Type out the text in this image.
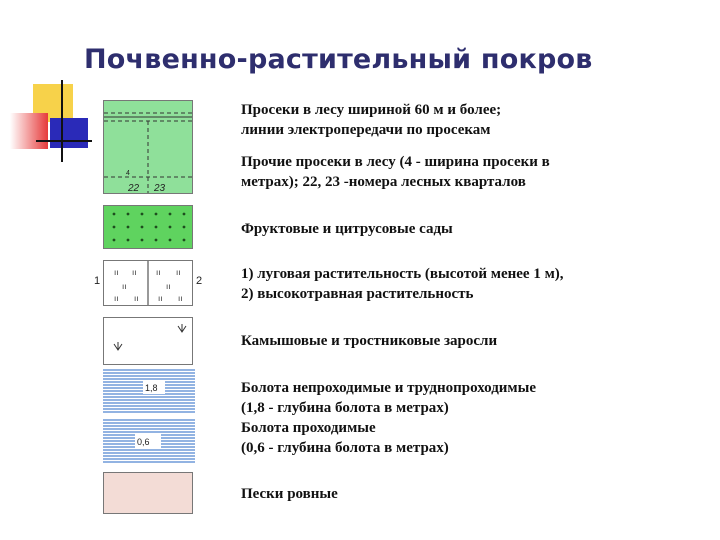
Почвенно-растительный покров
4
22 23
1	2
ıı ıı
ıı
ıı ıı
ıı ıı
ıı
ıı ıı
1,8
0,6
Просеки в лесу шириной 60 м и более;
линии электропередачи по просекам
Прочие просеки в лесу (4 - ширина просеки в
метрах); 22, 23 -номера лесных кварталов
Фруктовые и цитрусовые сады
1) луговая растительность (высотой менее 1 м),
2) высокотравная растительность
Камышовые и тростниковые заросли
Болота непроходимые и труднопроходимые
(1,8 - глубина болота в метрах)
Болота проходимые
(0,6 - глубина болота в метрах)
Пески ровные
